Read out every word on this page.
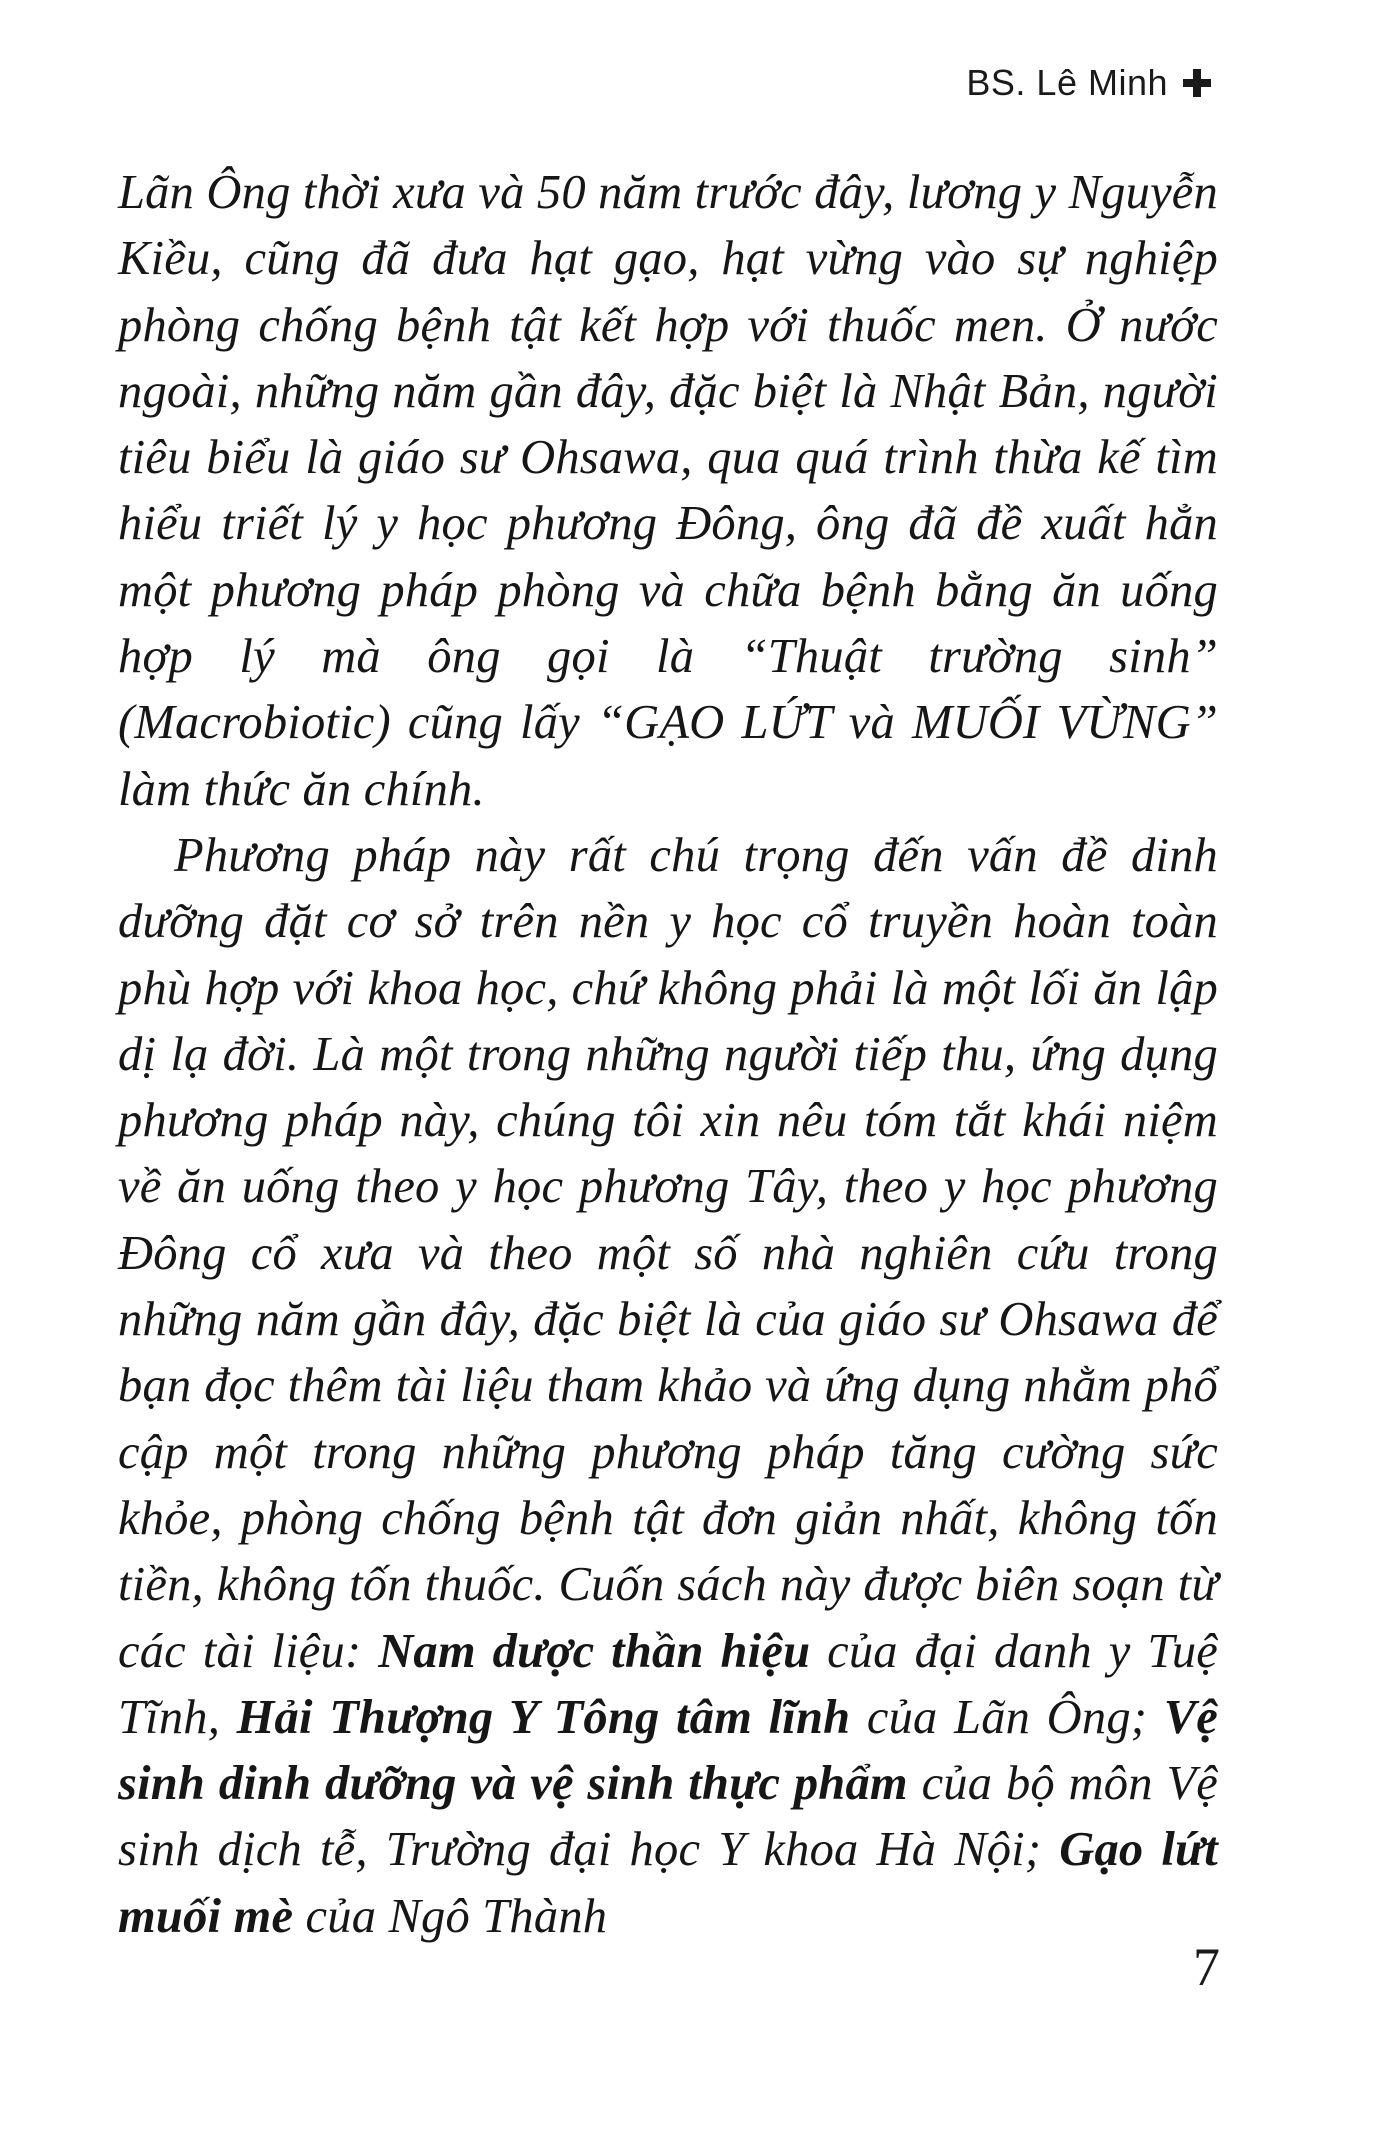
BS. Lê Minh

Lãn Ông thời xưa và 50 năm trước đây, lương y Nguyễn Kiều, cũng đã đưa hạt gạo, hạt vừng vào sự nghiệp phòng chống bệnh tật kết hợp với thuốc men. Ở nước ngoài, những năm gần đây, đặc biệt là Nhật Bản, người tiêu biểu là giáo sư Ohsawa, qua quá trình thừa kế tìm hiểu triết lý y học phương Đông, ông đã đề xuất hẳn một phương pháp phòng và chữa bệnh bằng ăn uống hợp lý mà ông gọi là “Thuật trường sinh” (Macrobiotic) cũng lấy “GẠO LỨT và MUỐI VỪNG” làm thức ăn chính.

Phương pháp này rất chú trọng đến vấn đề dinh dưỡng đặt cơ sở trên nền y học cổ truyền hoàn toàn phù hợp với khoa học, chứ không phải là một lối ăn lập dị lạ đời. Là một trong những người tiếp thu, ứng dụng phương pháp này, chúng tôi xin nêu tóm tắt khái niệm về ăn uống theo y học phương Tây, theo y học phương Đông cổ xưa và theo một số nhà nghiên cứu trong những năm gần đây, đặc biệt là của giáo sư Ohsawa để bạn đọc thêm tài liệu tham khảo và ứng dụng nhằm phổ cập một trong những phương pháp tăng cường sức khỏe, phòng chống bệnh tật đơn giản nhất, không tốn tiền, không tốn thuốc. Cuốn sách này được biên soạn từ các tài liệu: Nam dược thần hiệu của đại danh y Tuệ Tĩnh, Hải Thượng Y Tông tâm lĩnh của Lãn Ông; Vệ sinh dinh dưỡng và vệ sinh thực phẩm của bộ môn Vệ sinh dịch tễ, Trường đại học Y khoa Hà Nội; Gạo lứt muối mè của Ngô Thành

7
